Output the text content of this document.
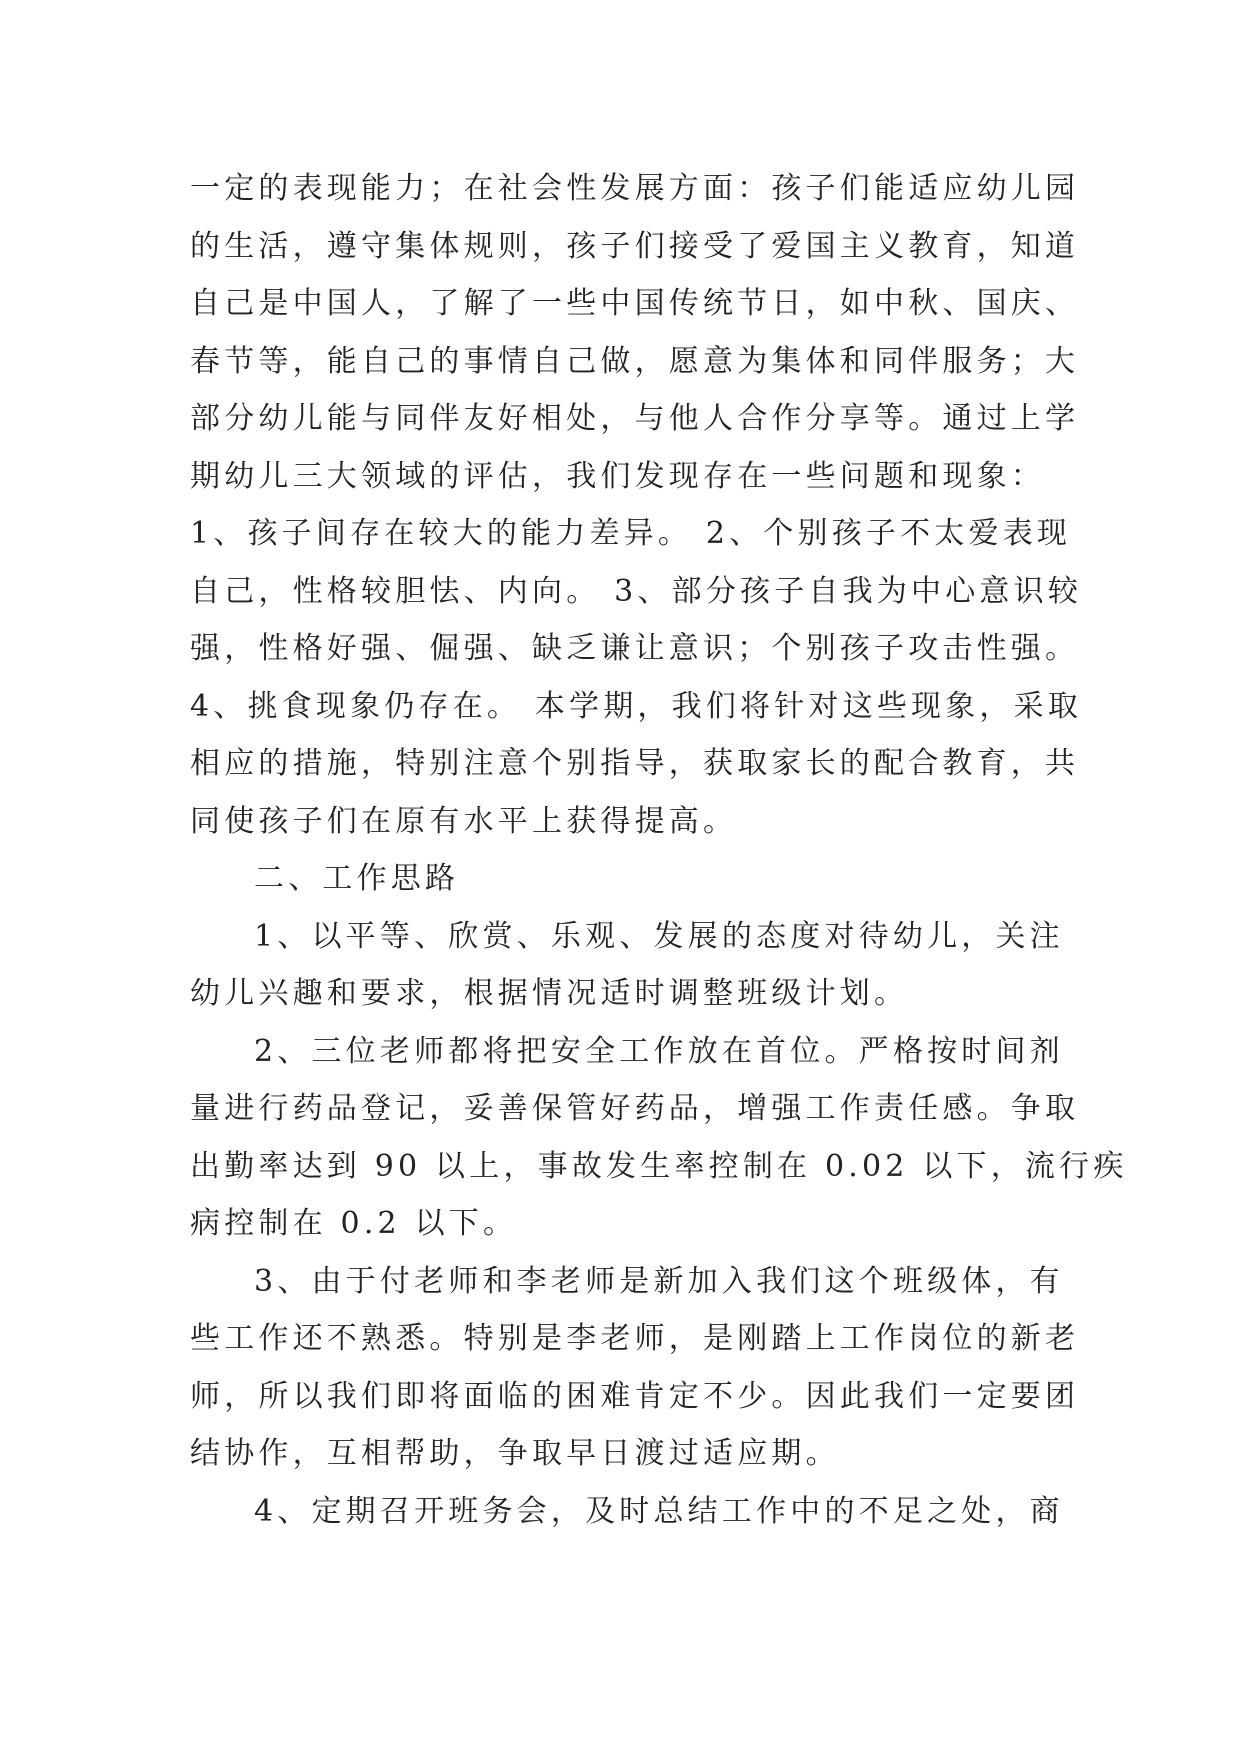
一定的表现能力；在社会性发展方面：孩子们能适应幼儿园
的生活，遵守集体规则，孩子们接受了爱国主义教育，知道
自己是中国人，了解了一些中国传统节日，如中秋、国庆、
春节等，能自己的事情自己做，愿意为集体和同伴服务；大
部分幼儿能与同伴友好相处，与他人合作分享等。通过上学
期幼儿三大领域的评估，我们发现存在一些问题和现象：
1、孩子间存在较大的能力差异。 2、个别孩子不太爱表现
自己，性格较胆怯、内向。 3、部分孩子自我为中心意识较
强，性格好强、倔强、缺乏谦让意识；个别孩子攻击性强。
4、挑食现象仍存在。 本学期，我们将针对这些现象，采取
相应的措施，特别注意个别指导，获取家长的配合教育，共
同使孩子们在原有水平上获得提高。
二、工作思路
1、以平等、欣赏、乐观、发展的态度对待幼儿，关注
幼儿兴趣和要求，根据情况适时调整班级计划。
2、三位老师都将把安全工作放在首位。严格按时间剂
量进行药品登记，妥善保管好药品，增强工作责任感。争取
出勤率达到 90 以上，事故发生率控制在 0.02 以下，流行疾
病控制在 0.2 以下。
3、由于付老师和李老师是新加入我们这个班级体，有
些工作还不熟悉。特别是李老师，是刚踏上工作岗位的新老
师，所以我们即将面临的困难肯定不少。因此我们一定要团
结协作，互相帮助，争取早日渡过适应期。
4、定期召开班务会，及时总结工作中的不足之处，商
